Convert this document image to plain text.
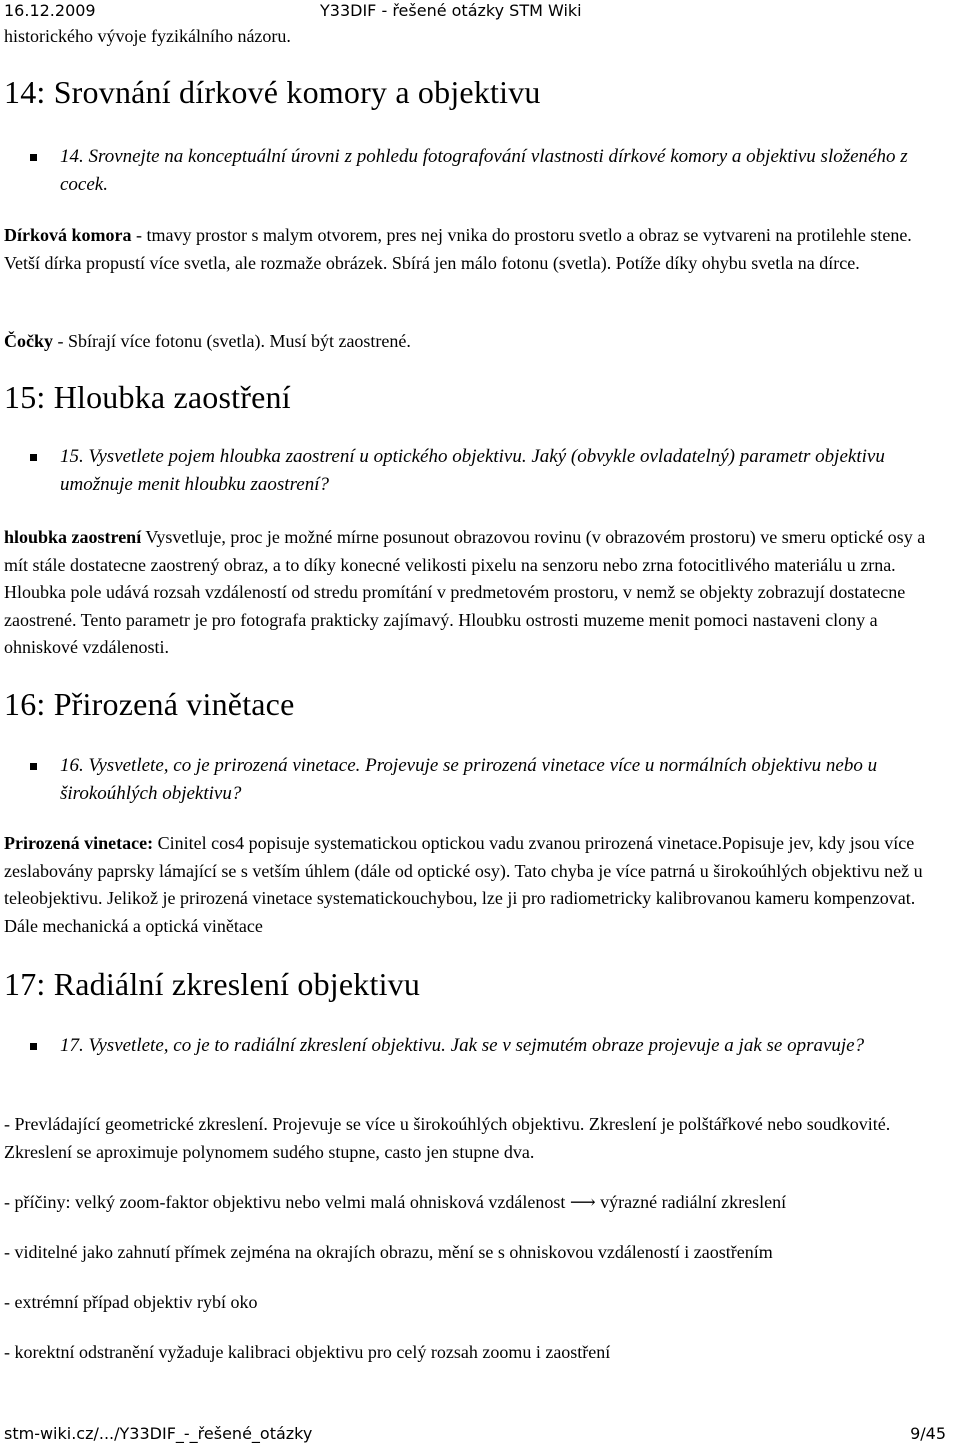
16.12.2009	Y33DIF - řešené otázky STM Wiki
historického vývoje fyzikálního názoru.
14: Srovnání dírkové komory a objektivu
14. Srovnejte na konceptuální úrovni z pohledu fotografování vlastnosti dírkové komory a objektivu složeného z cocek.

Dírková komora - tmavy prostor s malym otvorem, pres nej vnika do prostoru svetlo a obraz se vytvareni na protilehle stene. Vetší dírka propustí více svetla, ale rozmaže obrázek. Sbírá jen málo fotonu (svetla). Potíže díky ohybu svetla na dírce.

Čočky - Sbírají více fotonu (svetla). Musí být zaostrené.

15: Hloubka zaostření
15. Vysvetlete pojem hloubka zaostrení u optického objektivu. Jaký (obvykle ovladatelný) parametr objektivu umožnuje menit hloubku zaostrení?

hloubka zaostrení Vysvetluje, proc je možné mírne posunout obrazovou rovinu (v obrazovém prostoru) ve smeru optické osy a mít stále dostatecne zaostrený obraz, a to díky konecné velikosti pixelu na senzoru nebo zrna fotocitlivého materiálu u zrna. Hloubka pole udává rozsah vzdáleností od stredu promítání v predmetovém prostoru, v nemž se objekty zobrazují dostatecne zaostrené. Tento parametr je pro fotografa prakticky zajímavý. Hloubku ostrosti muzeme menit pomoci nastaveni clony a ohniskové vzdálenosti.

16: Přirozená vinětace
16. Vysvetlete, co je prirozená vinetace. Projevuje se prirozená vinetace více u normálních objektivu nebo u širokoúhlých objektivu?

Prirozená vinetace: Cinitel cos4 popisuje systematickou optickou vadu zvanou prirozená vinetace.Popisuje jev, kdy jsou více zeslabovány paprsky lámající se s vetším úhlem (dále od optické osy). Tato chyba je více patrná u širokoúhlých objektivu než u teleobjektivu. Jelikož je prirozená vinetace systematickouchybou, lze ji pro radiometricky kalibrovanou kameru kompenzovat. Dále mechanická a optická vinětace

17: Radiální zkreslení objektivu
17. Vysvetlete, co je to radiální zkreslení objektivu. Jak se v sejmutém obraze projevuje a jak se opravuje?

- Prevládající geometrické zkreslení. Projevuje se více u širokoúhlých objektivu. Zkreslení je polštářkové nebo soudkovité. Zkreslení se aproximuje polynomem sudého stupne, casto jen stupne dva.

- příčiny: velký zoom-faktor objektivu nebo velmi malá ohnisková vzdálenost ⟶ výrazné radiální zkreslení

- viditelné jako zahnutí přímek zejména na okrajích obrazu, mění se s ohniskovou vzdáleností i zaostřením

- extrémní případ objektiv rybí oko

- korektní odstranění vyžaduje kalibraci objektivu pro celý rozsah zoomu i zaostření

stm-wiki.cz/.../Y33DIF_-_řešené_otázky	9/45
